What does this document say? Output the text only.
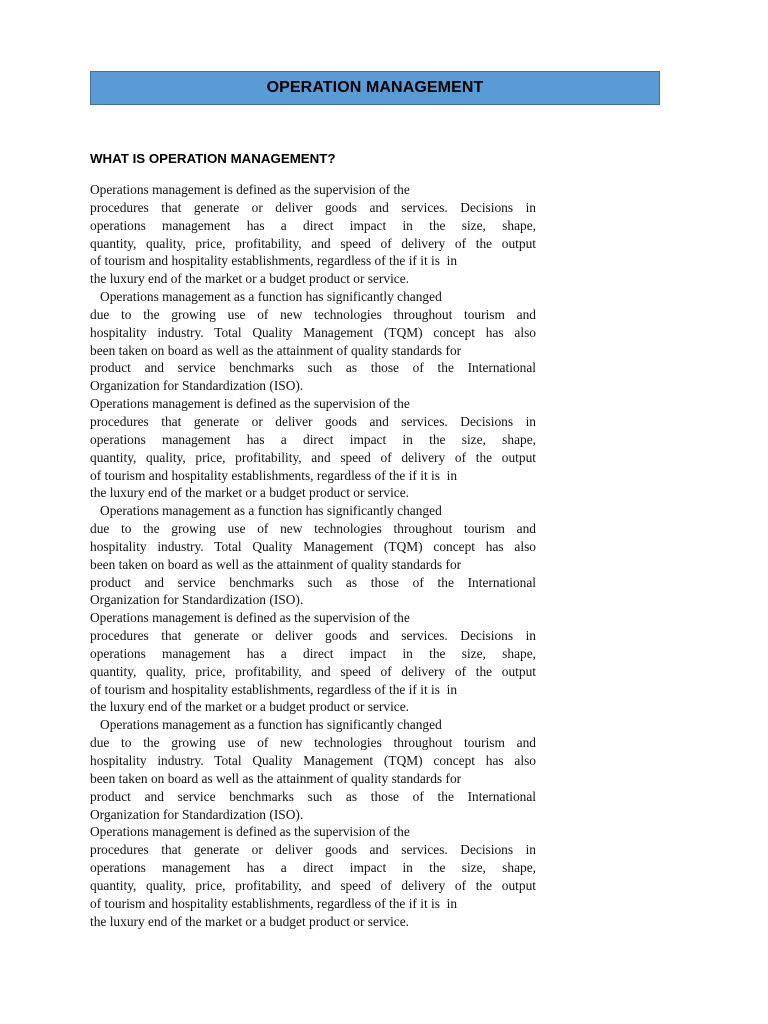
OPERATION MANAGEMENT
WHAT IS OPERATION MANAGEMENT?
Operations management is defined as the supervision of the
procedures that generate or deliver goods and services. Decisions in
operations management has a direct impact in the size, shape,
quantity, quality, price, profitability, and speed of delivery of the output
of tourism and hospitality establishments, regardless of the if it is  in
the luxury end of the market or a budget product or service.
Operations management as a function has significantly changed
due to the growing use of new technologies throughout tourism and
hospitality industry. Total Quality Management (TQM) concept has also
been taken on board as well as the attainment of quality standards for
product and service benchmarks such as those of the International
Organization for Standardization (ISO).
Operations management is defined as the supervision of the
procedures that generate or deliver goods and services. Decisions in
operations management has a direct impact in the size, shape,
quantity, quality, price, profitability, and speed of delivery of the output
of tourism and hospitality establishments, regardless of the if it is  in
the luxury end of the market or a budget product or service.
Operations management as a function has significantly changed
due to the growing use of new technologies throughout tourism and
hospitality industry. Total Quality Management (TQM) concept has also
been taken on board as well as the attainment of quality standards for
product and service benchmarks such as those of the International
Organization for Standardization (ISO).
Operations management is defined as the supervision of the
procedures that generate or deliver goods and services. Decisions in
operations management has a direct impact in the size, shape,
quantity, quality, price, profitability, and speed of delivery of the output
of tourism and hospitality establishments, regardless of the if it is  in
the luxury end of the market or a budget product or service.
Operations management as a function has significantly changed
due to the growing use of new technologies throughout tourism and
hospitality industry. Total Quality Management (TQM) concept has also
been taken on board as well as the attainment of quality standards for
product and service benchmarks such as those of the International
Organization for Standardization (ISO).
Operations management is defined as the supervision of the
procedures that generate or deliver goods and services. Decisions in
operations management has a direct impact in the size, shape,
quantity, quality, price, profitability, and speed of delivery of the output
of tourism and hospitality establishments, regardless of the if it is  in
the luxury end of the market or a budget product or service.
